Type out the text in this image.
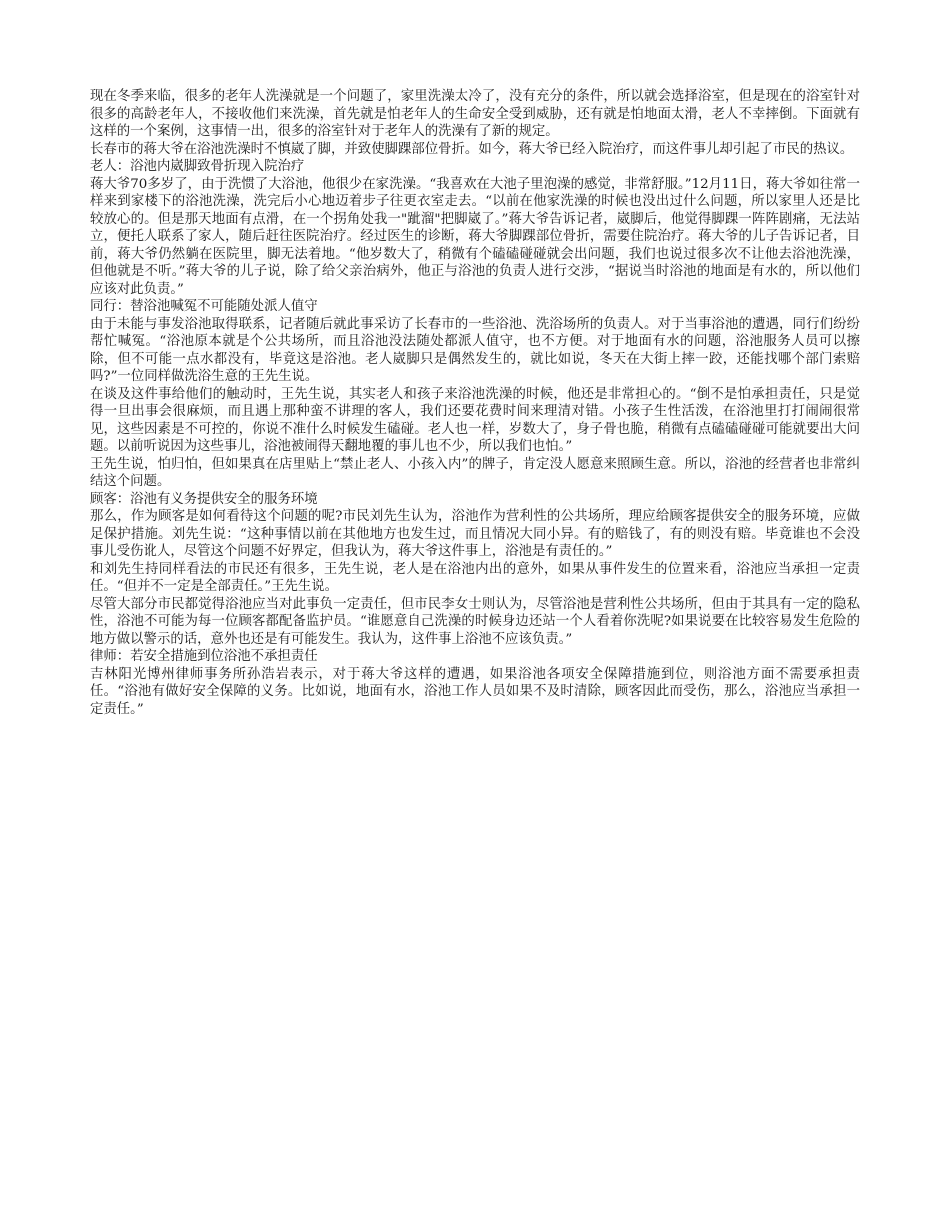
现在冬季来临，很多的老年人洗澡就是一个问题了，家里洗澡太冷了，没有充分的条件，所以就会选择浴室，但是现在的浴室针对很多的高龄老年人，不接收他们来洗澡，首先就是怕老年人的生命安全受到威胁，还有就是怕地面太滑，老人不幸摔倒。下面就有这样的一个案例，这事情一出，很多的浴室针对于老年人的洗澡有了新的规定。

长春市的蒋大爷在浴池洗澡时不慎崴了脚，并致使脚踝部位骨折。如今，蒋大爷已经入院治疗，而这件事儿却引起了市民的热议。

老人：浴池内崴脚致骨折现入院治疗

蒋大爷70多岁了，由于洗惯了大浴池，他很少在家洗澡。“我喜欢在大池子里泡澡的感觉，非常舒服。”12月11日，蒋大爷如往常一样来到家楼下的浴池洗澡，洗完后小心地迈着步子往更衣室走去。“以前在他家洗澡的时候也没出过什么问题，所以家里人还是比较放心的。但是那天地面有点滑，在一个拐角处我一"跐溜"把脚崴了。”蒋大爷告诉记者，崴脚后，他觉得脚踝一阵阵剧痛，无法站立，便托人联系了家人，随后赶往医院治疗。经过医生的诊断，蒋大爷脚踝部位骨折，需要住院治疗。蒋大爷的儿子告诉记者，目前，蒋大爷仍然躺在医院里，脚无法着地。“他岁数大了，稍微有个磕磕碰碰就会出问题，我们也说过很多次不让他去浴池洗澡，但他就是不听。”蒋大爷的儿子说，除了给父亲治病外，他正与浴池的负责人进行交涉，“据说当时浴池的地面是有水的，所以他们应该对此负责。”

同行：替浴池喊冤不可能随处派人值守

由于未能与事发浴池取得联系，记者随后就此事采访了长春市的一些浴池、洗浴场所的负责人。对于当事浴池的遭遇，同行们纷纷帮忙喊冤。“浴池原本就是个公共场所，而且浴池没法随处都派人值守，也不方便。对于地面有水的问题，浴池服务人员可以擦除，但不可能一点水都没有，毕竟这是浴池。老人崴脚只是偶然发生的，就比如说，冬天在大街上摔一跤，还能找哪个部门索赔吗?”一位同样做洗浴生意的王先生说。

在谈及这件事给他们的触动时，王先生说，其实老人和孩子来浴池洗澡的时候，他还是非常担心的。“倒不是怕承担责任，只是觉得一旦出事会很麻烦，而且遇上那种蛮不讲理的客人，我们还要花费时间来理清对错。小孩子生性活泼，在浴池里打打闹闹很常见，这些因素是不可控的，你说不准什么时候发生磕碰。老人也一样，岁数大了，身子骨也脆，稍微有点磕磕碰碰可能就要出大问题。以前听说因为这些事儿，浴池被闹得天翻地覆的事儿也不少，所以我们也怕。”

王先生说，怕归怕，但如果真在店里贴上“禁止老人、小孩入内”的牌子，肯定没人愿意来照顾生意。所以，浴池的经营者也非常纠结这个问题。

顾客：浴池有义务提供安全的服务环境

那么，作为顾客是如何看待这个问题的呢?市民刘先生认为，浴池作为营利性的公共场所，理应给顾客提供安全的服务环境，应做足保护措施。刘先生说：“这种事情以前在其他地方也发生过，而且情况大同小异。有的赔钱了，有的则没有赔。毕竟谁也不会没事儿受伤讹人，尽管这个问题不好界定，但我认为，蒋大爷这件事上，浴池是有责任的。”

和刘先生持同样看法的市民还有很多，王先生说，老人是在浴池内出的意外，如果从事件发生的位置来看，浴池应当承担一定责任。“但并不一定是全部责任。”王先生说。

尽管大部分市民都觉得浴池应当对此事负一定责任，但市民李女士则认为，尽管浴池是营利性公共场所，但由于其具有一定的隐私性，浴池不可能为每一位顾客都配备监护员。“谁愿意自己洗澡的时候身边还站一个人看着你洗呢?如果说要在比较容易发生危险的地方做以警示的话，意外也还是有可能发生。我认为，这件事上浴池不应该负责。”

律师：若安全措施到位浴池不承担责任

吉林阳光博州律师事务所孙浩岩表示，对于蒋大爷这样的遭遇，如果浴池各项安全保障措施到位，则浴池方面不需要承担责任。“浴池有做好安全保障的义务。比如说，地面有水，浴池工作人员如果不及时清除，顾客因此而受伤，那么，浴池应当承担一定责任。”
